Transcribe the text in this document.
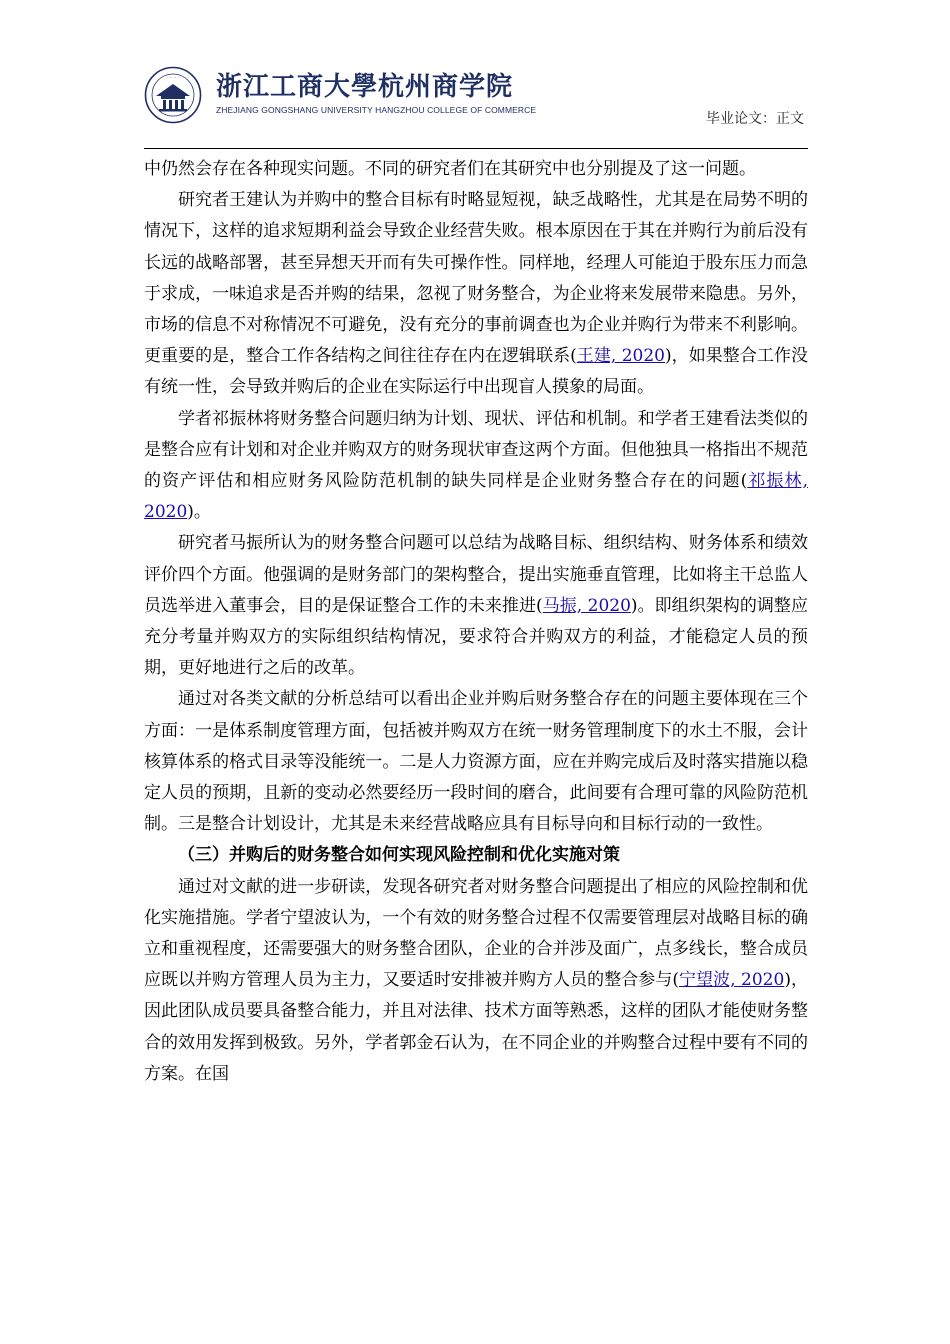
· · · · ·
· · · ·
浙江工商大學杭州商学院
ZHEJIANG GONGSHANG UNIVERSITY HANGZHOU COLLEGE OF COMMERCE
毕业论文：正文

中仍然会存在各种现实问题。不同的研究者们在其研究中也分别提及了这一问题。

研究者王建认为并购中的整合目标有时略显短视，缺乏战略性，尤其是在局势不明的情况下，这样的追求短期利益会导致企业经营失败。根本原因在于其在并购行为前后没有长远的战略部署，甚至异想天开而有失可操作性。同样地，经理人可能迫于股东压力而急于求成，一味追求是否并购的结果，忽视了财务整合，为企业将来发展带来隐患。另外，市场的信息不对称情况不可避免，没有充分的事前调查也为企业并购行为带来不利影响。更重要的是，整合工作各结构之间往往存在内在逻辑联系(王建, 2020)，如果整合工作没有统一性，会导致并购后的企业在实际运行中出现盲人摸象的局面。

学者祁振林将财务整合问题归纳为计划、现状、评估和机制。和学者王建看法类似的是整合应有计划和对企业并购双方的财务现状审查这两个方面。但他独具一格指出不规范的资产评估和相应财务风险防范机制的缺失同样是企业财务整合存在的问题(祁振林, 2020)。

研究者马振所认为的财务整合问题可以总结为战略目标、组织结构、财务体系和绩效评价四个方面。他强调的是财务部门的架构整合，提出实施垂直管理，比如将主干总监人员选举进入董事会，目的是保证整合工作的未来推进(马振, 2020)。即组织架构的调整应充分考量并购双方的实际组织结构情况，要求符合并购双方的利益，才能稳定人员的预期，更好地进行之后的改革。

通过对各类文献的分析总结可以看出企业并购后财务整合存在的问题主要体现在三个方面：一是体系制度管理方面，包括被并购双方在统一财务管理制度下的水土不服，会计核算体系的格式目录等没能统一。二是人力资源方面，应在并购完成后及时落实措施以稳定人员的预期，且新的变动必然要经历一段时间的磨合，此间要有合理可靠的风险防范机制。三是整合计划设计，尤其是未来经营战略应具有目标导向和目标行动的一致性。

（三）并购后的财务整合如何实现风险控制和优化实施对策

通过对文献的进一步研读，发现各研究者对财务整合问题提出了相应的风险控制和优化实施措施。学者宁望波认为，一个有效的财务整合过程不仅需要管理层对战略目标的确立和重视程度，还需要强大的财务整合团队，企业的合并涉及面广，点多线长，整合成员应既以并购方管理人员为主力，又要适时安排被并购方人员的整合参与(宁望波, 2020)，因此团队成员要具备整合能力，并且对法律、技术方面等熟悉，这样的团队才能使财务整合的效用发挥到极致。另外，学者郭金石认为，在不同企业的并购整合过程中要有不同的方案。在国
